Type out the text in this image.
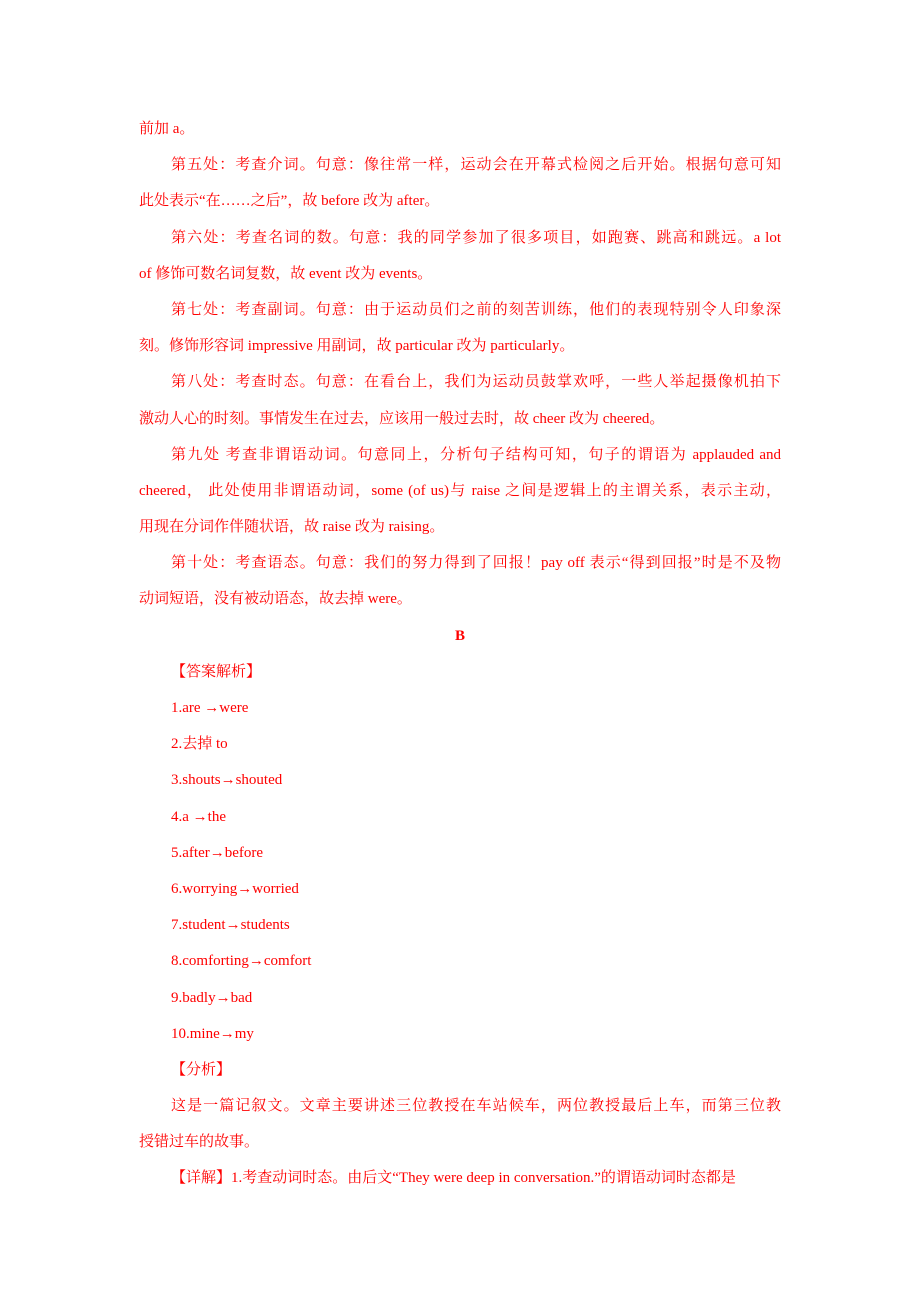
前加 a。
第五处：考查介词。句意：像往常一样，运动会在开幕式检阅之后开始。根据句意可知
此处表示“在……之后”，故 before 改为 after。
第六处：考查名词的数。句意：我的同学参加了很多项目，如跑赛、跳高和跳远。a lot
of 修饰可数名词复数，故 event 改为 events。
第七处：考查副词。句意：由于运动员们之前的刻苦训练，他们的表现特别令人印象深
刻。修饰形容词 impressive 用副词，故 particular 改为 particularly。
第八处：考查时态。句意：在看台上，我们为运动员鼓掌欢呼，一些人举起摄像机拍下
激动人心的时刻。事情发生在过去，应该用一般过去时，故 cheer 改为 cheered。
第九处 考查非谓语动词。句意同上，分析句子结构可知，句子的谓语为 applauded and
cheered， 此处使用非谓语动词，some (of us)与 raise 之间是逻辑上的主谓关系，表示主动，
用现在分词作伴随状语，故 raise 改为 raising。
第十处：考查语态。句意：我们的努力得到了回报！pay off 表示“得到回报”时是不及物
动词短语，没有被动语态，故去掉 were。
B
【答案解析】
1.are →were
2.去掉 to
3.shouts→shouted
4.a →the
5.after→before
6.worrying→worried
7.student→students
8.comforting→comfort
9.badly→bad
10.mine→my
【分析】
这是一篇记叙文。文章主要讲述三位教授在车站候车，两位教授最后上车，而第三位教
授错过车的故事。
【详解】1.考查动词时态。由后文“They were deep in conversation.”的谓语动词时态都是
